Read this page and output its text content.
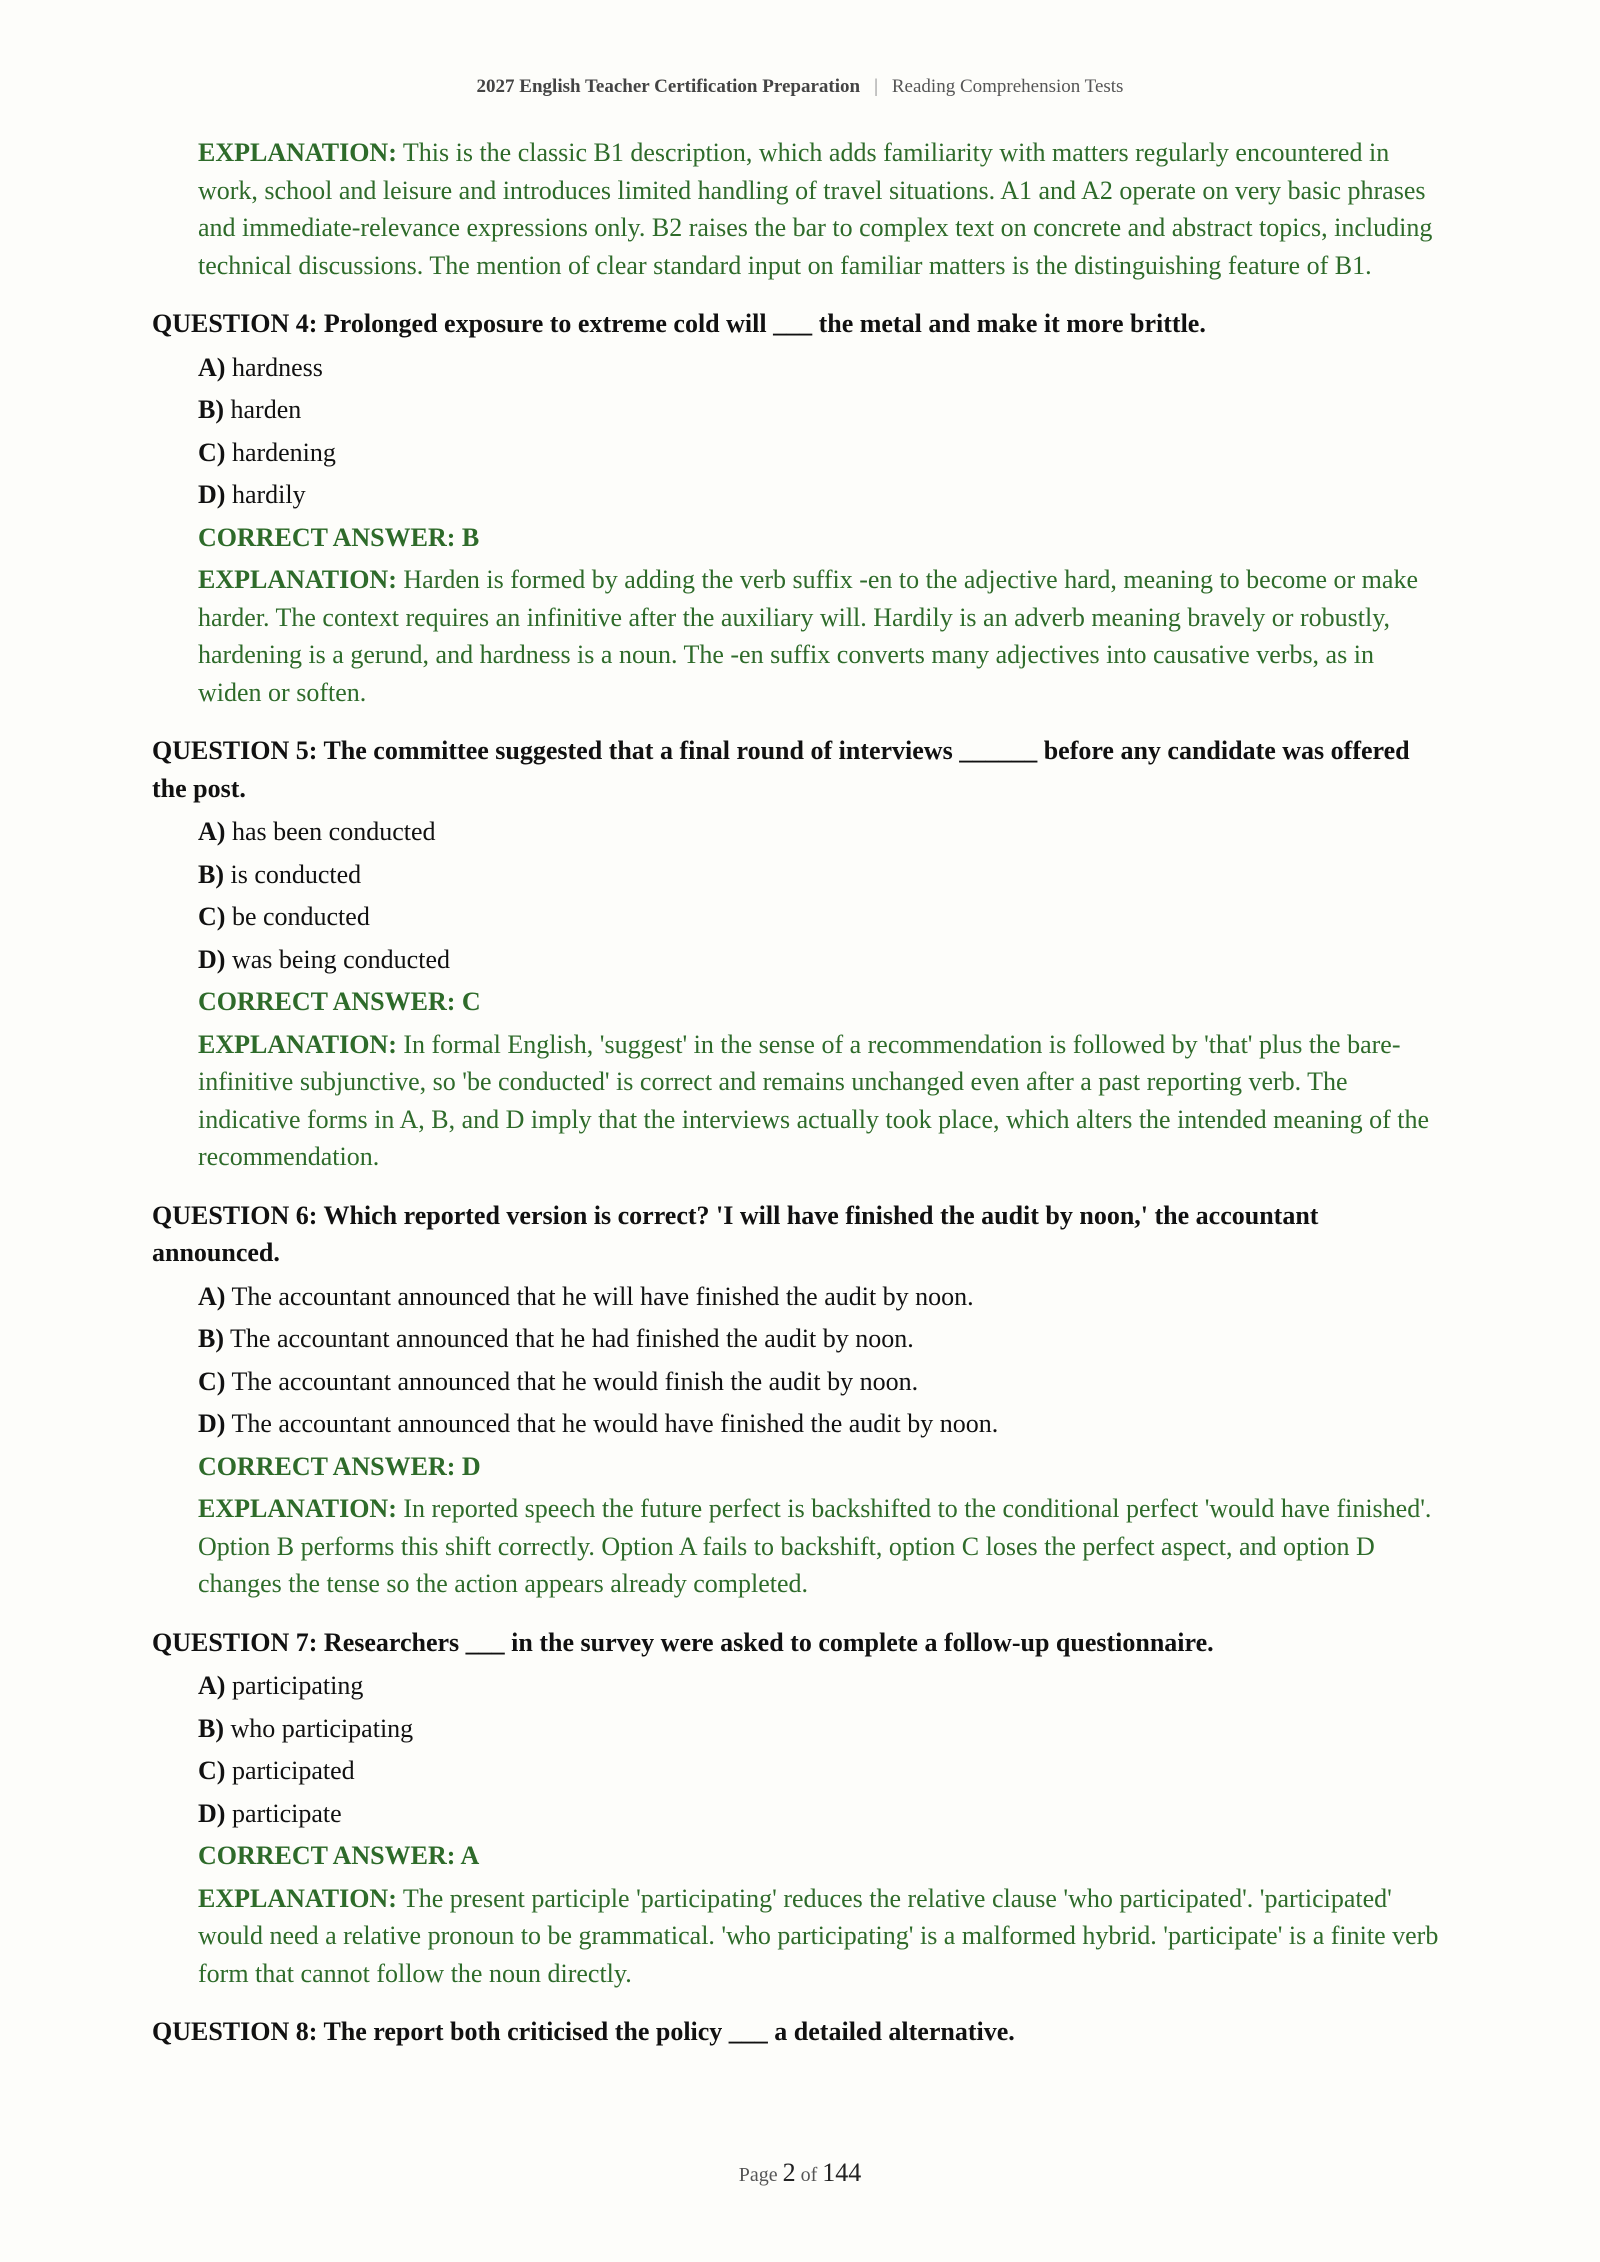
2027 English Teacher Certification Preparation | Reading Comprehension Tests
EXPLANATION: This is the classic B1 description, which adds familiarity with matters regularly encountered in work, school and leisure and introduces limited handling of travel situations. A1 and A2 operate on very basic phrases and immediate-relevance expressions only. B2 raises the bar to complex text on concrete and abstract topics, including technical discussions. The mention of clear standard input on familiar matters is the distinguishing feature of B1.
QUESTION 4: Prolonged exposure to extreme cold will ___ the metal and make it more brittle.
A) hardness
B) harden
C) hardening
D) hardily
CORRECT ANSWER: B
EXPLANATION: Harden is formed by adding the verb suffix -en to the adjective hard, meaning to become or make harder. The context requires an infinitive after the auxiliary will. Hardily is an adverb meaning bravely or robustly, hardening is a gerund, and hardness is a noun. The -en suffix converts many adjectives into causative verbs, as in widen or soften.
QUESTION 5: The committee suggested that a final round of interviews ______ before any candidate was offered the post.
A) has been conducted
B) is conducted
C) be conducted
D) was being conducted
CORRECT ANSWER: C
EXPLANATION: In formal English, 'suggest' in the sense of a recommendation is followed by 'that' plus the bare-infinitive subjunctive, so 'be conducted' is correct and remains unchanged even after a past reporting verb. The indicative forms in A, B, and D imply that the interviews actually took place, which alters the intended meaning of the recommendation.
QUESTION 6: Which reported version is correct? 'I will have finished the audit by noon,' the accountant announced.
A) The accountant announced that he will have finished the audit by noon.
B) The accountant announced that he had finished the audit by noon.
C) The accountant announced that he would finish the audit by noon.
D) The accountant announced that he would have finished the audit by noon.
CORRECT ANSWER: D
EXPLANATION: In reported speech the future perfect is backshifted to the conditional perfect 'would have finished'. Option B performs this shift correctly. Option A fails to backshift, option C loses the perfect aspect, and option D changes the tense so the action appears already completed.
QUESTION 7: Researchers ___ in the survey were asked to complete a follow-up questionnaire.
A) participating
B) who participating
C) participated
D) participate
CORRECT ANSWER: A
EXPLANATION: The present participle 'participating' reduces the relative clause 'who participated'. 'participated' would need a relative pronoun to be grammatical. 'who participating' is a malformed hybrid. 'participate' is a finite verb form that cannot follow the noun directly.
QUESTION 8: The report both criticised the policy ___ a detailed alternative.
Page 2 of 144
